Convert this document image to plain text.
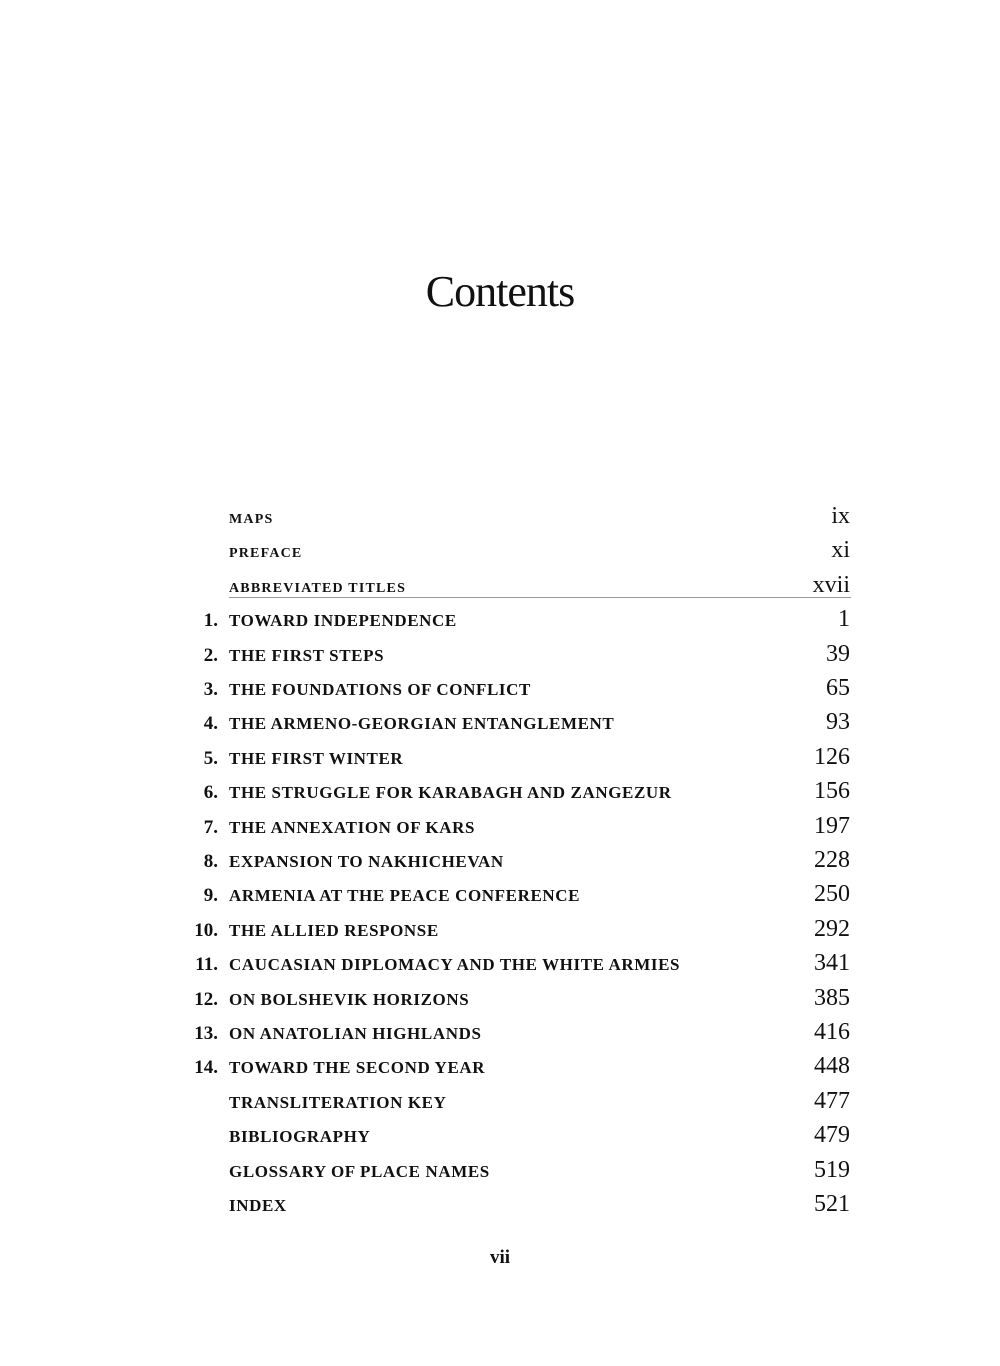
Contents
MAPS	ix
PREFACE	xi
ABBREVIATED TITLES	xvii
1. TOWARD INDEPENDENCE	1
2. THE FIRST STEPS	39
3. THE FOUNDATIONS OF CONFLICT	65
4. THE ARMENO-GEORGIAN ENTANGLEMENT	93
5. THE FIRST WINTER	126
6. THE STRUGGLE FOR KARABAGH AND ZANGEZUR	156
7. THE ANNEXATION OF KARS	197
8. EXPANSION TO NAKHICHEVAN	228
9. ARMENIA AT THE PEACE CONFERENCE	250
10. THE ALLIED RESPONSE	292
11. CAUCASIAN DIPLOMACY AND THE WHITE ARMIES	341
12. ON BOLSHEVIK HORIZONS	385
13. ON ANATOLIAN HIGHLANDS	416
14. TOWARD THE SECOND YEAR	448
TRANSLITERATION KEY	477
BIBLIOGRAPHY	479
GLOSSARY OF PLACE NAMES	519
INDEX	521
vii
